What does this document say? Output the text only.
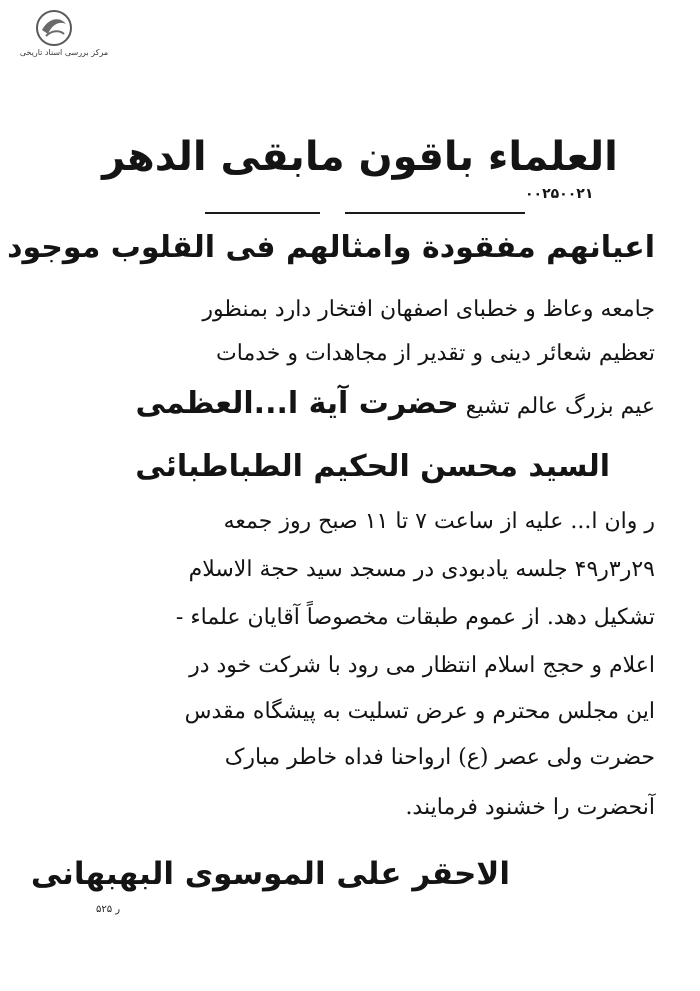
مرکز بررسی اسناد تاریخی
العلماء باقون مابقی الدهر
۰۰۲۵۰۰۲۱
اعیانهم مفقودة وامثالهم فی القلوب موجود
جامعه وعاظ و خطبای اصفهان افتخار دارد بمنظور
تعظیم شعائر دینی و تقدیر از مجاهدات و خدمات
عیم بزرگ عالم تشیع حضرت آیة ا...العظمی
السید محسن الحکیم الطباطبائی
ر وان ا... علیه از ساعت ۷ تا ۱۱ صبح روز جمعه
۲۹ر۳ر۴۹ جلسه یادبودی در مسجد سید حجة الاسلام
تشکیل دهد. از عموم طبقات مخصوصاً آقایان علماء -
اعلام و حجج اسلام انتظار می رود با شرکت خود در
این مجلس محترم و عرض تسلیت به پیشگاه مقدس
حضرت ولی عصر (ع) ارواحنا فداه خاطر مبارک
آنحضرت را خشنود فرمایند.
الاحقر علی الموسوی البهبهانی
ر ۵۲۵
